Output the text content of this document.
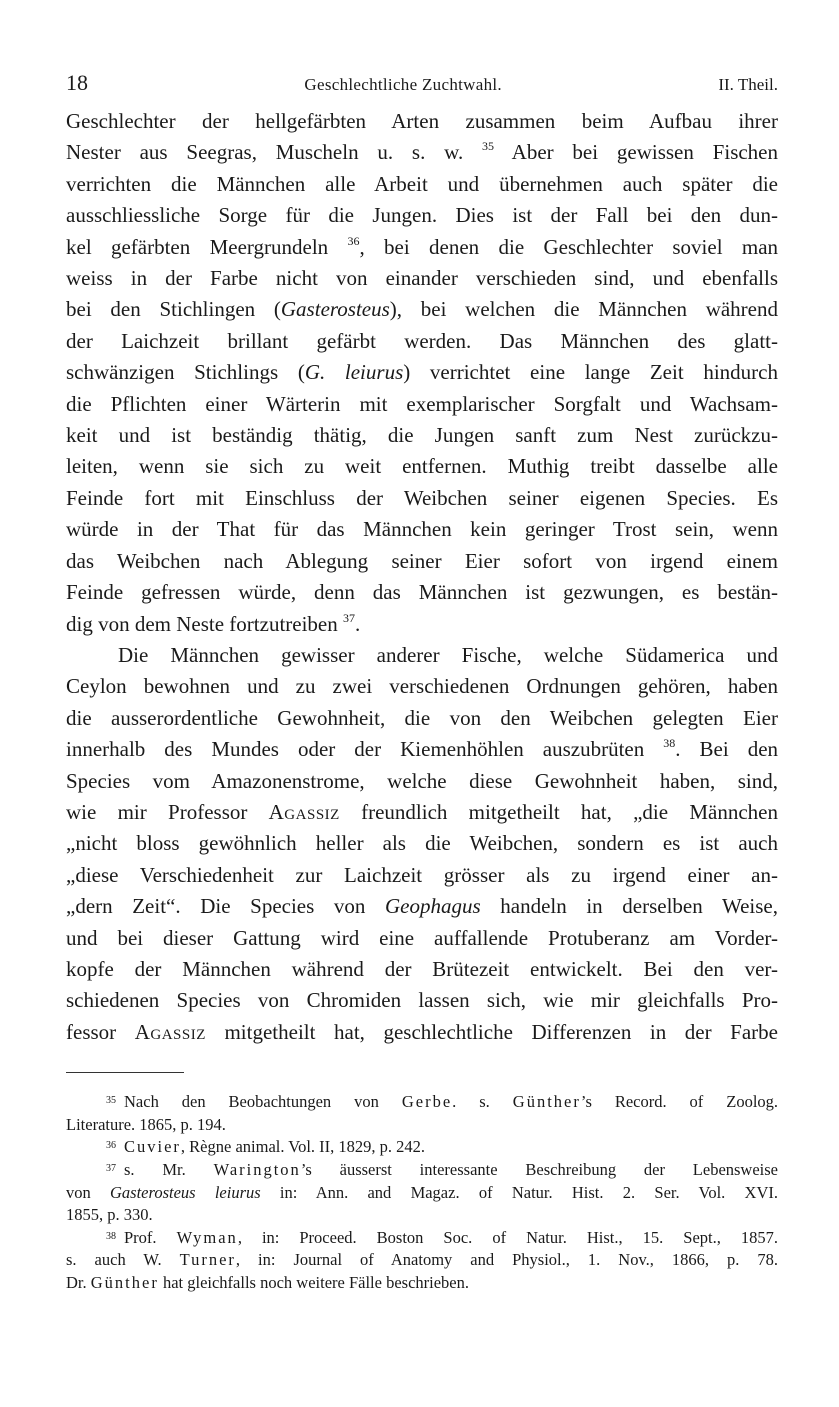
18	Geschlechtliche Zuchtwahl.	II. Theil.

Geschlechter der hellgefärbten Arten zusammen beim Aufbau ihrer
Nester aus Seegras, Muscheln u. s. w. $^{35}$ Aber bei gewissen Fischen
verrichten die Männchen alle Arbeit und übernehmen auch später die
ausschliessliche Sorge für die Jungen. Dies ist der Fall bei den dun-
kel gefärbten Meergrundeln $^{36}$, bei denen die Geschlechter soviel man
weiss in der Farbe nicht von einander verschieden sind, und ebenfalls
bei den Stichlingen (Gasterosteus), bei welchen die Männchen während
der Laichzeit brillant gefärbt werden. Das Männchen des glatt-
schwänzigen Stichlings (G. leiurus) verrichtet eine lange Zeit hindurch
die Pflichten einer Wärterin mit exemplarischer Sorgfalt und Wachsam-
keit und ist beständig thätig, die Jungen sanft zum Nest zurückzu-
leiten, wenn sie sich zu weit entfernen. Muthig treibt dasselbe alle
Feinde fort mit Einschluss der Weibchen seiner eigenen Species. Es
würde in der That für das Männchen kein geringer Trost sein, wenn
das Weibchen nach Ablegung seiner Eier sofort von irgend einem
Feinde gefressen würde, denn das Männchen ist gezwungen, es bestän-
dig von dem Neste fortzutreiben $^{37}$.

Die Männchen gewisser anderer Fische, welche Südamerica und
Ceylon bewohnen und zu zwei verschiedenen Ordnungen gehören, haben
die ausserordentliche Gewohnheit, die von den Weibchen gelegten Eier
innerhalb des Mundes oder der Kiemenhöhlen auszubrüten $^{38}$. Bei den
Species vom Amazonenstrome, welche diese Gewohnheit haben, sind,
wie mir Professor Agassiz freundlich mitgetheilt hat, „die Männchen
„nicht bloss gewöhnlich heller als die Weibchen, sondern es ist auch
„diese Verschiedenheit zur Laichzeit grösser als zu irgend einer an-
„dern Zeit“. Die Species von Geophagus handeln in derselben Weise,
und bei dieser Gattung wird eine auffallende Protuberanz am Vorder-
kopfe der Männchen während der Brütezeit entwickelt. Bei den ver-
schiedenen Species von Chromiden lassen sich, wie mir gleichfalls Pro-
fessor Agassiz mitgetheilt hat, geschlechtliche Differenzen in der Farbe

$^{35}$ Nach den Beobachtungen von Gerbe. s. Günther’s Record. of Zoolog.
Literature. 1865, p. 194.
$^{36}$ Cuvier, Règne animal. Vol. II, 1829, p. 242.
$^{37}$ s. Mr. Warington’s äusserst interessante Beschreibung der Lebensweise
von Gasterosteus leiurus in: Ann. and Magaz. of Natur. Hist. 2. Ser. Vol. XVI.
1855, p. 330.
$^{38}$ Prof. Wyman, in: Proceed. Boston Soc. of Natur. Hist., 15. Sept., 1857.
s. auch W. Turner, in: Journal of Anatomy and Physiol., 1. Nov., 1866, p. 78.
Dr. Günther hat gleichfalls noch weitere Fälle beschrieben.
